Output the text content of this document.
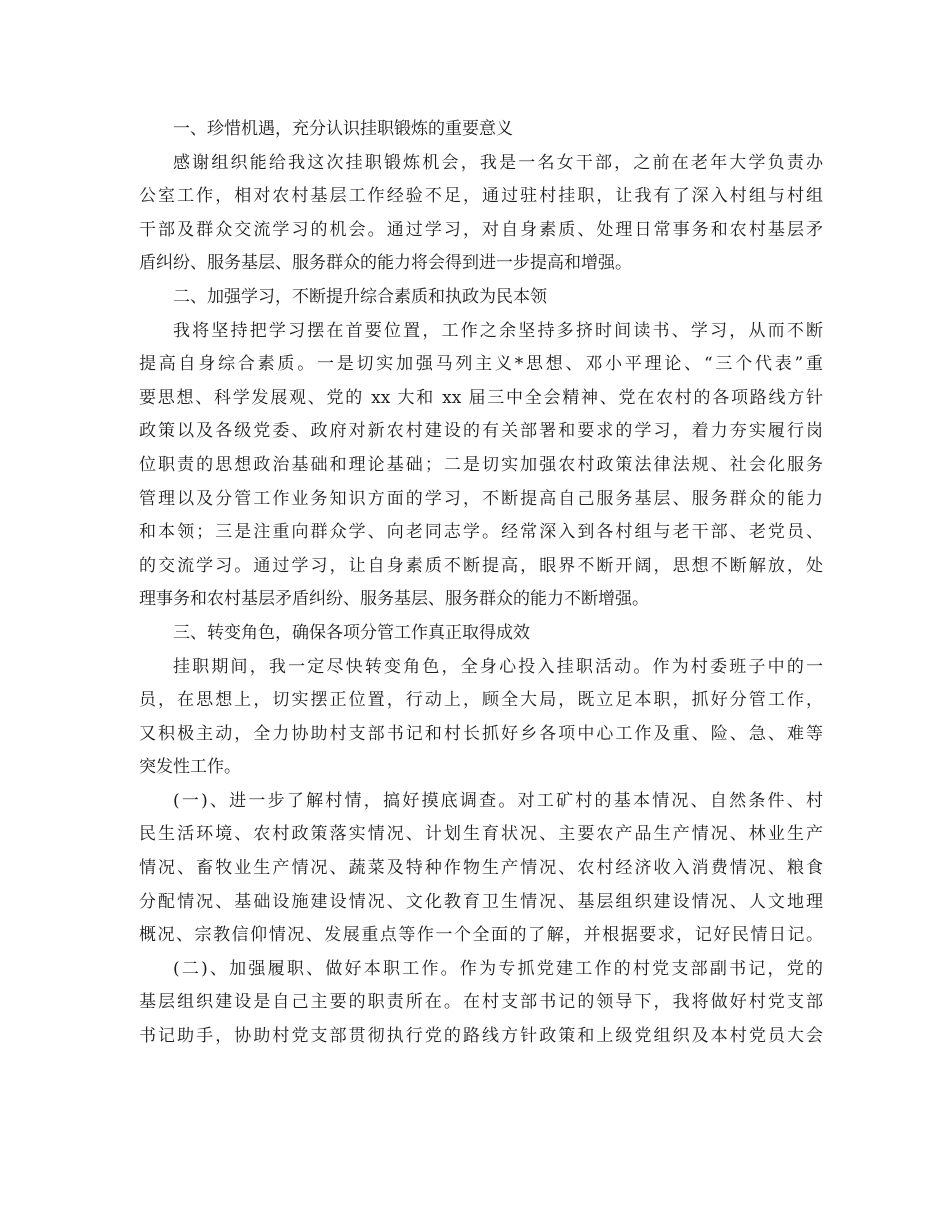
一、珍惜机遇，充分认识挂职锻炼的重要意义
感谢组织能给我这次挂职锻炼机会，我是一名女干部，之前在老年大学负责办
公室工作，相对农村基层工作经验不足，通过驻村挂职，让我有了深入村组与村组
干部及群众交流学习的机会。通过学习，对自身素质、处理日常事务和农村基层矛
盾纠纷、服务基层、服务群众的能力将会得到进一步提高和增强。
二、加强学习，不断提升综合素质和执政为民本领
我将坚持把学习摆在首要位置，工作之余坚持多挤时间读书、学习，从而不断
提高自身综合素质。一是切实加强马列主义*思想、邓小平理论、“三个代表”重
要思想、科学发展观、党的 xx 大和 xx 届三中全会精神、党在农村的各项路线方针
政策以及各级党委、政府对新农村建设的有关部署和要求的学习，着力夯实履行岗
位职责的思想政治基础和理论基础；二是切实加强农村政策法律法规、社会化服务
管理以及分管工作业务知识方面的学习，不断提高自己服务基层、服务群众的能力
和本领；三是注重向群众学、向老同志学。经常深入到各村组与老干部、老党员、
的交流学习。通过学习，让自身素质不断提高，眼界不断开阔，思想不断解放，处
理事务和农村基层矛盾纠纷、服务基层、服务群众的能力不断增强。
三、转变角色，确保各项分管工作真正取得成效
挂职期间，我一定尽快转变角色，全身心投入挂职活动。作为村委班子中的一
员，在思想上，切实摆正位置，行动上，顾全大局，既立足本职，抓好分管工作，
又积极主动，全力协助村支部书记和村长抓好乡各项中心工作及重、险、急、难等
突发性工作。
(一)、进一步了解村情，搞好摸底调查。对工矿村的基本情况、自然条件、村
民生活环境、农村政策落实情况、计划生育状况、主要农产品生产情况、林业生产
情况、畜牧业生产情况、蔬菜及特种作物生产情况、农村经济收入消费情况、粮食
分配情况、基础设施建设情况、文化教育卫生情况、基层组织建设情况、人文地理
概况、宗教信仰情况、发展重点等作一个全面的了解，并根据要求，记好民情日记。
(二)、加强履职、做好本职工作。作为专抓党建工作的村党支部副书记，党的
基层组织建设是自己主要的职责所在。在村支部书记的领导下，我将做好村党支部
书记助手，协助村党支部贯彻执行党的路线方针政策和上级党组织及本村党员大会
